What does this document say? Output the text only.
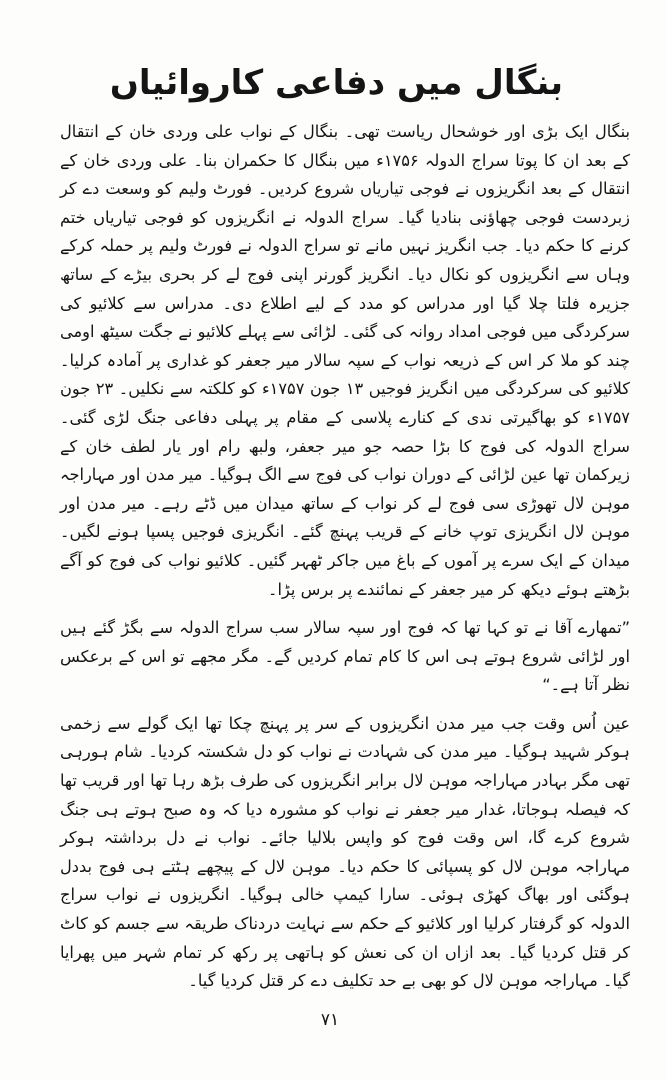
بنگال میں دفاعی کاروائیاں

بنگال ایک بڑی اور خوشحال ریاست تھی۔ بنگال کے نواب علی وردی خان کے انتقال کے بعد ان کا پوتا سراج الدولہ ۱۷۵۶ء میں بنگال کا حکمران بنا۔ علی وردی خان کے انتقال کے بعد انگریزوں نے فوجی تیاریاں شروع کردیں۔ فورٹ ولیم کو وسعت دے کر زبردست فوجی چھاؤنی بنادیا گیا۔ سراج الدولہ نے انگریزوں کو فوجی تیاریاں ختم کرنے کا حکم دیا۔ جب انگریز نہیں مانے تو سراج الدولہ نے فورٹ ولیم پر حملہ کرکے وہاں سے انگریزوں کو نکال دیا۔ انگریز گورنر اپنی فوج لے کر بحری بیڑے کے ساتھ جزیرہ فلتا چلا گیا اور مدراس کو مدد کے لیے اطلاع دی۔ مدراس سے کلائیو کی سرکردگی میں فوجی امداد روانہ کی گئی۔ لڑائی سے پہلے کلائیو نے جگت سیٹھ اومی چند کو ملا کر اس کے ذریعہ نواب کے سپہ سالار میر جعفر کو غداری پر آمادہ کرلیا۔ کلائیو کی سرکردگی میں انگریز فوجیں ۱۳ جون ۱۷۵۷ء کو کلکتہ سے نکلیں۔ ۲۳ جون ۱۷۵۷ء کو بھاگیرتی ندی کے کنارے پلاسی کے مقام پر پہلی دفاعی جنگ لڑی گئی۔ سراج الدولہ کی فوج کا بڑا حصہ جو میر جعفر، ولبھ رام اور یار لطف خان کے زیرکمان تھا عین لڑائی کے دوران نواب کی فوج سے الگ ہوگیا۔ میر مدن اور مہاراجہ موہن لال تھوڑی سی فوج لے کر نواب کے ساتھ میدان میں ڈٹے رہے۔ میر مدن اور موہن لال انگریزی توپ خانے کے قریب پہنچ گئے۔ انگریزی فوجیں پسپا ہونے لگیں۔ میدان کے ایک سرے پر آموں کے باغ میں جاکر ٹھہر گئیں۔ کلائیو نواب کی فوج کو آگے بڑھتے ہوئے دیکھ کر میر جعفر کے نمائندے پر برس پڑا۔

”تمھارے آقا نے تو کہا تھا کہ فوج اور سپہ سالار سب سراج الدولہ سے بگڑ گئے ہیں اور لڑائی شروع ہوتے ہی اس کا کام تمام کردیں گے۔ مگر مجھے تو اس کے برعکس نظر آتا ہے۔“

عین اُس وقت جب میر مدن انگریزوں کے سر پر پہنچ چکا تھا ایک گولے سے زخمی ہوکر شہید ہوگیا۔ میر مدن کی شہادت نے نواب کو دل شکستہ کردیا۔ شام ہورہی تھی مگر بہادر مہاراجہ موہن لال برابر انگریزوں کی طرف بڑھ رہا تھا اور قریب تھا کہ فیصلہ ہوجاتا، غدار میر جعفر نے نواب کو مشورہ دیا کہ وہ صبح ہوتے ہی جنگ شروع کرے گا، اس وقت فوج کو واپس بلالیا جائے۔ نواب نے دل برداشتہ ہوکر مہاراجہ موہن لال کو پسپائی کا حکم دیا۔ موہن لال کے پیچھے ہٹتے ہی فوج بددل ہوگئی اور بھاگ کھڑی ہوئی۔ سارا کیمپ خالی ہوگیا۔ انگریزوں نے نواب سراج الدولہ کو گرفتار کرلیا اور کلائیو کے حکم سے نہایت دردناک طریقہ سے جسم کو کاٹ کر قتل کردیا گیا۔ بعد ازاں ان کی نعش کو ہاتھی پر رکھ کر تمام شہر میں پھرایا گیا۔ مہاراجہ موہن لال کو بھی بے حد تکلیف دے کر قتل کردیا گیا۔

۷۱
